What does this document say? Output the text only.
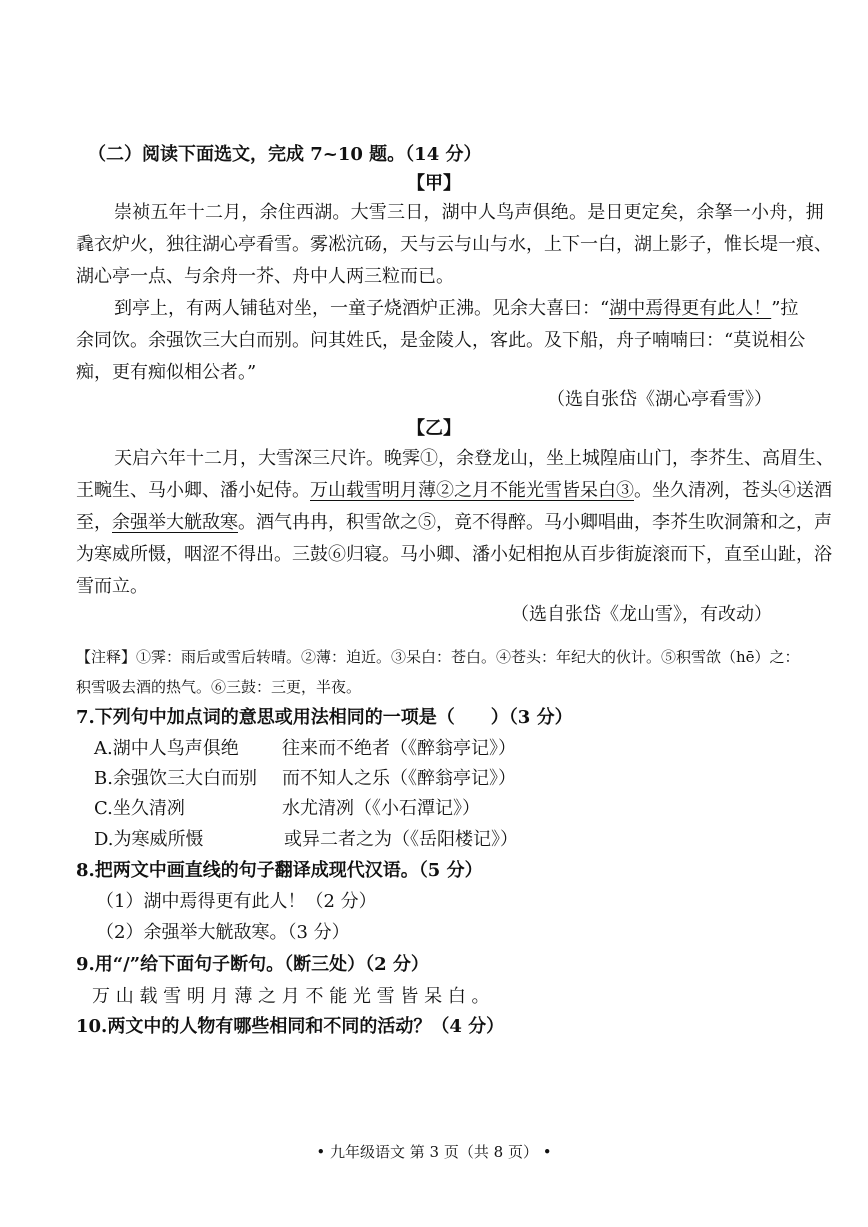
（二）阅读下面选文，完成 7~10 题。（14 分）
【甲】
崇祯五年十二月，余住西湖。大雪三日，湖中人鸟声俱绝。是日更定矣，余拏一小舟，拥
毳衣炉火，独往湖心亭看雪。雾凇沆砀，天与云与山与水，上下一白，湖上影子，惟长堤一痕、
湖心亭一点、与余舟一芥、舟中人两三粒而已。
到亭上，有两人铺毡对坐，一童子烧酒炉正沸。见余大喜曰：“湖中焉得更有此人！”拉
余同饮。余强饮三大白而别。问其姓氏，是金陵人，客此。及下船，舟子喃喃曰：“莫说相公
痴，更有痴似相公者。”
（选自张岱《湖心亭看雪》）
【乙】
天启六年十二月，大雪深三尺许。晚霁①，余登龙山，坐上城隍庙山门，李芥生、高眉生、
王畹生、马小卿、潘小妃侍。万山载雪明月薄②之月不能光雪皆呆白③。坐久清冽，苍头④送酒
至，余强举大觥敌寒。酒气冉冉，积雪欱之⑤，竟不得醉。马小卿唱曲，李芥生吹洞箫和之，声
为寒威所慑，咽涩不得出。三鼓⑥归寝。马小卿、潘小妃相抱从百步街旋滚而下，直至山趾，浴
雪而立。
（选自张岱《龙山雪》，有改动）
【注释】①霁：雨后或雪后转晴。②薄：迫近。③呆白：苍白。④苍头：年纪大的伙计。⑤积雪欱（hē）之：
积雪吸去酒的热气。⑥三鼓：三更，半夜。
7.下列句中加点词的意思或用法相同的一项是（　　）（3 分）
A.湖中人鸟声俱绝 往来而不绝者（《醉翁亭记》）
B.余强饮三大白而别 而不知人之乐（《醉翁亭记》）
C.坐久清冽	水尤清冽（《小石潭记》）
D.为寒威所慑	或异二者之为（《岳阳楼记》）
8.把两文中画直线的句子翻译成现代汉语。（5 分）
（1）湖中焉得更有此人！（2 分）
（2）余强举大觥敌寒。（3 分）
9.用“/”给下面句子断句。（断三处）（2 分）
万 山 载 雪 明 月 薄 之 月 不 能 光 雪 皆 呆 白 。
10.两文中的人物有哪些相同和不同的活动？（4 分）
• 九年级语文 第 3 页（共 8 页） •
